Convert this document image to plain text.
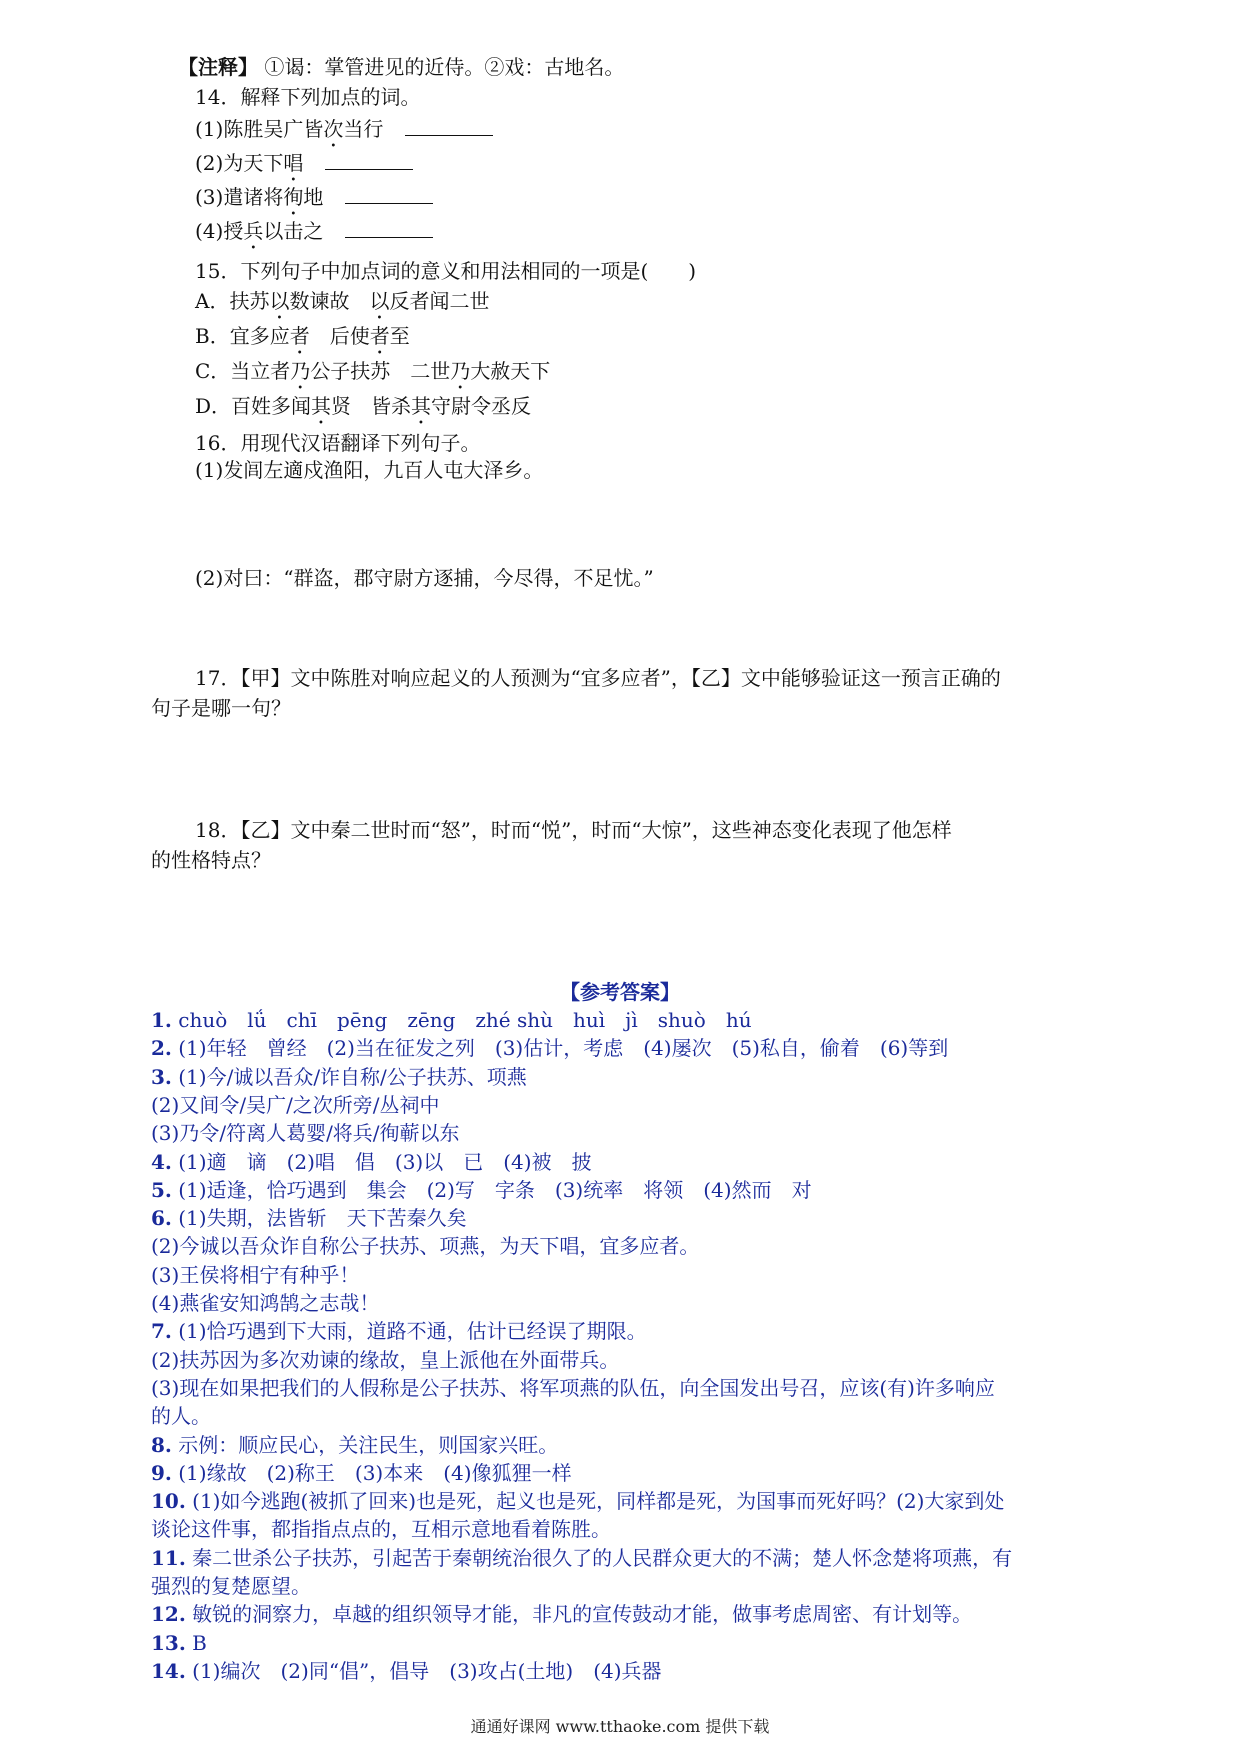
【注释】 ①谒：掌管进见的近侍。②戏：古地名。
14．解释下列加点的词。
(1)陈胜吴广皆次当行
(2)为天下唱
(3)遣诸将徇地
(4)授兵以击之
15．下列句子中加点词的意义和用法相同的一项是(　　)
A．扶苏以数谏故　以反者闻二世
B．宜多应者　后使者至
C．当立者乃公子扶苏　二世乃大赦天下
D．百姓多闻其贤　皆杀其守尉令丞反
16．用现代汉语翻译下列句子。
(1)发闾左適戍渔阳，九百人屯大泽乡。
(2)对曰：“群盗，郡守尉方逐捕，今尽得，不足忧。”
17．【甲】文中陈胜对响应起义的人预测为“宜多应者”，【乙】文中能够验证这一预言正确的
句子是哪一句？
18．【乙】文中秦二世时而“怒”，时而“悦”，时而“大惊”，这些神态变化表现了他怎样
的性格特点？
【参考答案】
1. chuò　lǘ　chī　pēng　zēng　zhé shù　huì　jì　shuò　hú
2. (1)年轻　曾经　(2)当在征发之列　(3)估计，考虑　(4)屡次　(5)私自，偷着　(6)等到
3. (1)今/诚以吾众/诈自称/公子扶苏、项燕
(2)又间令/吴广/之次所旁/丛祠中
(3)乃令/符离人葛婴/将兵/徇蕲以东
4. (1)適　谪　(2)唱　倡　(3)以　已　(4)被　披
5. (1)适逢，恰巧遇到　集会　(2)写　字条　(3)统率　将领　(4)然而　对
6. (1)失期，法皆斩　天下苦秦久矣
(2)今诚以吾众诈自称公子扶苏、项燕，为天下唱，宜多应者。
(3)王侯将相宁有种乎！
(4)燕雀安知鸿鹄之志哉！
7. (1)恰巧遇到下大雨，道路不通，估计已经误了期限。
(2)扶苏因为多次劝谏的缘故，皇上派他在外面带兵。
(3)现在如果把我们的人假称是公子扶苏、将军项燕的队伍，向全国发出号召，应该(有)许多响应
的人。
8. 示例：顺应民心，关注民生，则国家兴旺。
9. (1)缘故　(2)称王　(3)本来　(4)像狐狸一样
10. (1)如今逃跑(被抓了回来)也是死，起义也是死，同样都是死，为国事而死好吗？(2)大家到处
谈论这件事，都指指点点的，互相示意地看着陈胜。
11. 秦二世杀公子扶苏，引起苦于秦朝统治很久了的人民群众更大的不满；楚人怀念楚将项燕，有
强烈的复楚愿望。
12. 敏锐的洞察力，卓越的组织领导才能，非凡的宣传鼓动才能，做事考虑周密、有计划等。
13. B
14. (1)编次　(2)同“倡”，倡导　(3)攻占(土地)　(4)兵器
通通好课网 www.tthaoke.com 提供下载
